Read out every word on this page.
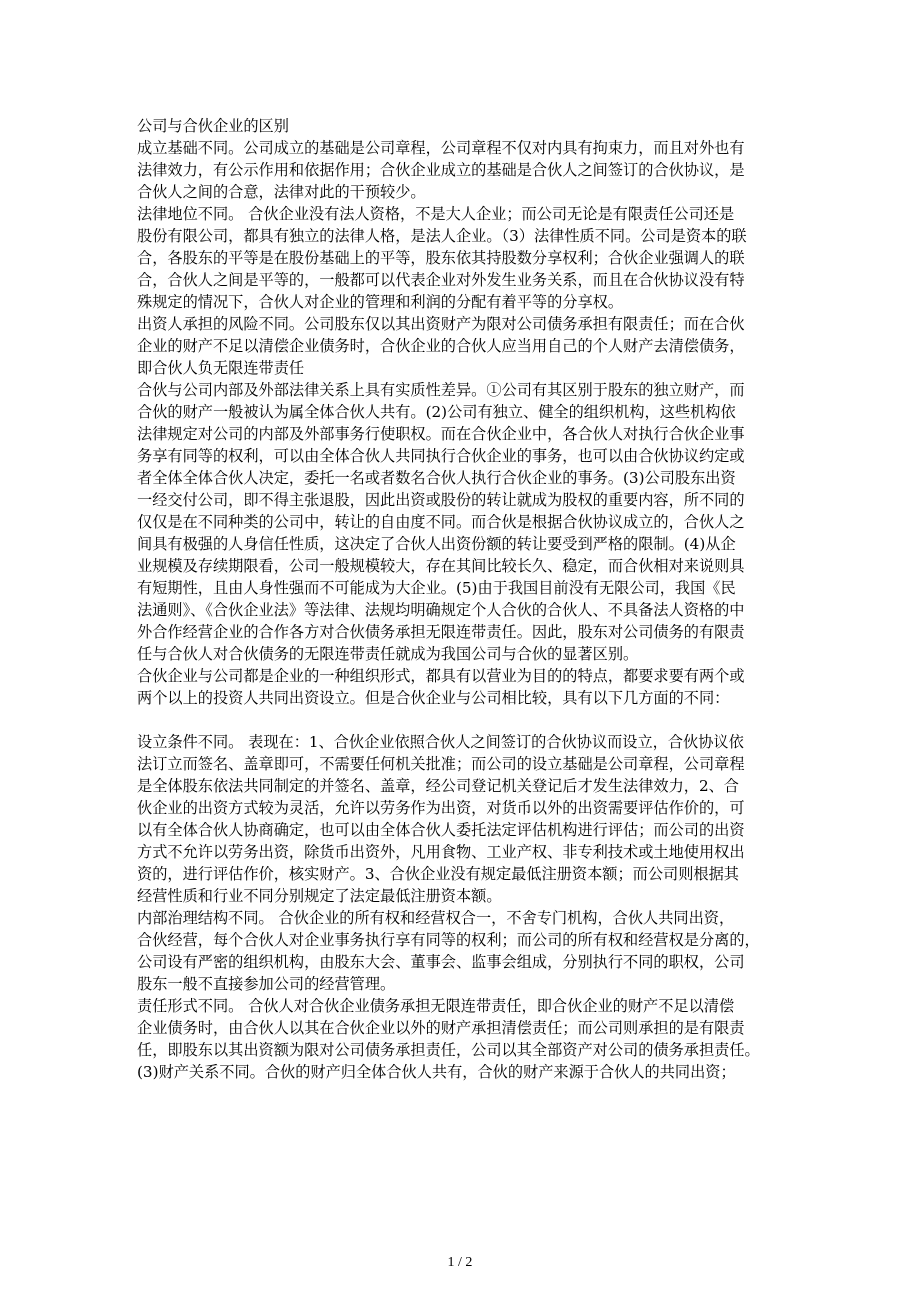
公司与合伙企业的区别
成立基础不同。公司成立的基础是公司章程，公司章程不仅对内具有拘束力，而且对外也有
法律效力，有公示作用和依据作用；合伙企业成立的基础是合伙人之间签订的合伙协议，是
合伙人之间的合意，法律对此的干预较少。
法律地位不同。 合伙企业没有法人资格，不是大人企业；而公司无论是有限责任公司还是
股份有限公司，都具有独立的法律人格，是法人企业。（3）法律性质不同。公司是资本的联
合，各股东的平等是在股份基础上的平等，股东依其持股数分享权利；合伙企业强调人的联
合，合伙人之间是平等的，一般都可以代表企业对外发生业务关系，而且在合伙协议没有特
殊规定的情况下，合伙人对企业的管理和利润的分配有着平等的分享权。
出资人承担的风险不同。公司股东仅以其出资财产为限对公司债务承担有限责任；而在合伙
企业的财产不足以清偿企业债务时，合伙企业的合伙人应当用自己的个人财产去清偿债务，
即合伙人负无限连带责任
合伙与公司内部及外部法律关系上具有实质性差异。①公司有其区别于股东的独立财产，而
合伙的财产一般被认为属全体合伙人共有。(2)公司有独立、健全的组织机构，这些机构依
法律规定对公司的内部及外部事务行使职权。而在合伙企业中，各合伙人对执行合伙企业事
务享有同等的权利，可以由全体合伙人共同执行合伙企业的事务，也可以由合伙协议约定或
者全体全体合伙人决定，委托一名或者数名合伙人执行合伙企业的事务。(3)公司股东出资
一经交付公司，即不得主张退股，因此出资或股份的转让就成为股权的重要内容，所不同的
仅仅是在不同种类的公司中，转让的自由度不同。而合伙是根据合伙协议成立的，合伙人之
间具有极强的人身信任性质，这决定了合伙人出资份额的转让要受到严格的限制。(4)从企
业规模及存续期限看，公司一般规模较大，存在其间比较长久、稳定，而合伙相对来说则具
有短期性，且由人身性强而不可能成为大企业。(5)由于我国目前没有无限公司，我国《民
法通则》、《合伙企业法》等法律、法规均明确规定个人合伙的合伙人、不具备法人资格的中
外合作经营企业的合作各方对合伙债务承担无限连带责任。因此，股东对公司债务的有限责
任与合伙人对合伙债务的无限连带责任就成为我国公司与合伙的显著区别。
合伙企业与公司都是企业的一种组织形式，都具有以营业为目的的特点，都要求要有两个或
两个以上的投资人共同出资设立。但是合伙企业与公司相比较，具有以下几方面的不同：
设立条件不同。 表现在：1、合伙企业依照合伙人之间签订的合伙协议而设立，合伙协议依
法订立而签名、盖章即可，不需要任何机关批准；而公司的设立基础是公司章程，公司章程
是全体股东依法共同制定的并签名、盖章，经公司登记机关登记后才发生法律效力，2、合
伙企业的出资方式较为灵活，允许以劳务作为出资，对货币以外的出资需要评估作价的，可
以有全体合伙人协商确定，也可以由全体合伙人委托法定评估机构进行评估；而公司的出资
方式不允许以劳务出资，除货币出资外，凡用食物、工业产权、非专利技术或土地使用权出
资的，进行评估作价，核实财产。3、合伙企业没有规定最低注册资本额；而公司则根据其
经营性质和行业不同分别规定了法定最低注册资本额。
内部治理结构不同。 合伙企业的所有权和经营权合一，不舍专门机构，合伙人共同出资，
合伙经营，每个合伙人对企业事务执行享有同等的权利；而公司的所有权和经营权是分离的，
公司设有严密的组织机构，由股东大会、董事会、监事会组成，分别执行不同的职权，公司
股东一般不直接参加公司的经营管理。
责任形式不同。 合伙人对合伙企业债务承担无限连带责任，即合伙企业的财产不足以清偿
企业债务时，由合伙人以其在合伙企业以外的财产承担清偿责任；而公司则承担的是有限责
任，即股东以其出资额为限对公司债务承担责任，公司以其全部资产对公司的债务承担责任。
(3)财产关系不同。合伙的财产归全体合伙人共有，合伙的财产来源于合伙人的共同出资；
1 / 2
